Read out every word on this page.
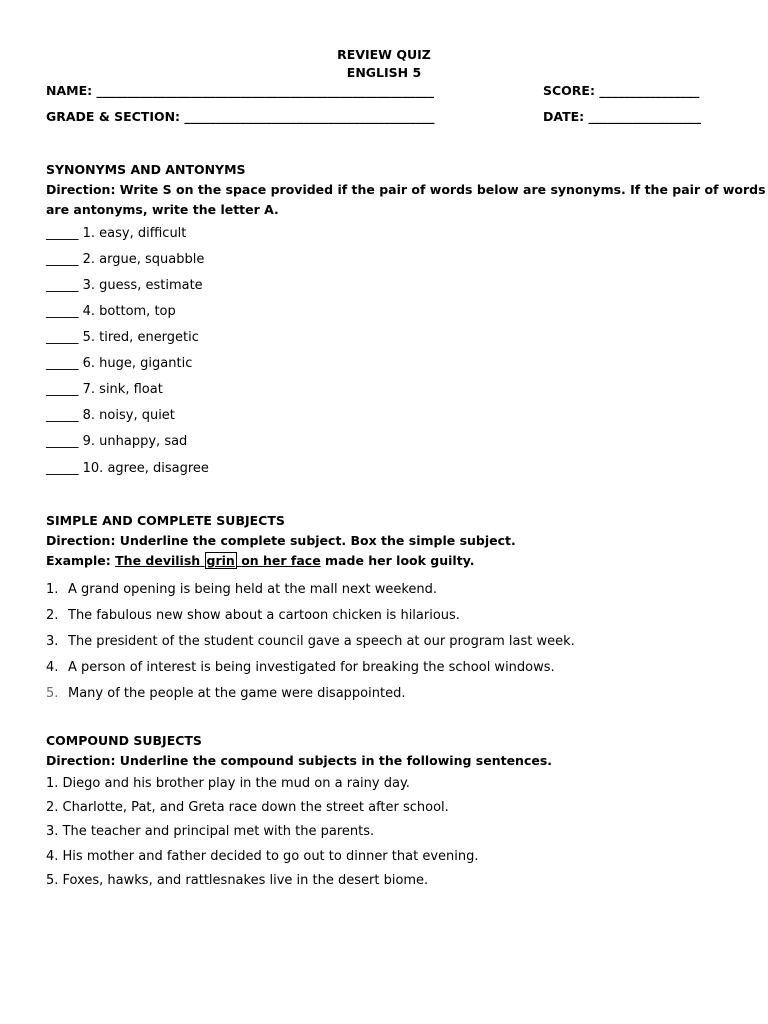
REVIEW QUIZ
ENGLISH 5
NAME: ______________________________________________________	SCORE: ________________
GRADE & SECTION: ________________________________________	DATE: __________________
SYNONYMS AND ANTONYMS
Direction: Write S on the space provided if the pair of words below are synonyms. If the pair of words
are antonyms, write the letter A.
_____ 1. easy, difficult
_____ 2. argue, squabble
_____ 3. guess, estimate
_____ 4. bottom, top
_____ 5. tired, energetic
_____ 6. huge, gigantic
_____ 7. sink, float
_____ 8. noisy, quiet
_____ 9. unhappy, sad
_____ 10. agree, disagree
SIMPLE AND COMPLETE SUBJECTS
Direction: Underline the complete subject. Box the simple subject.
Example: The devilish grin on her face made her look guilty.
1. A grand opening is being held at the mall next weekend.
2. The fabulous new show about a cartoon chicken is hilarious.
3. The president of the student council gave a speech at our program last week.
4. A person of interest is being investigated for breaking the school windows.
5. Many of the people at the game were disappointed.
COMPOUND SUBJECTS
Direction: Underline the compound subjects in the following sentences.
1. Diego and his brother play in the mud on a rainy day.
2. Charlotte, Pat, and Greta race down the street after school.
3. The teacher and principal met with the parents.
4. His mother and father decided to go out to dinner that evening.
5. Foxes, hawks, and rattlesnakes live in the desert biome.
